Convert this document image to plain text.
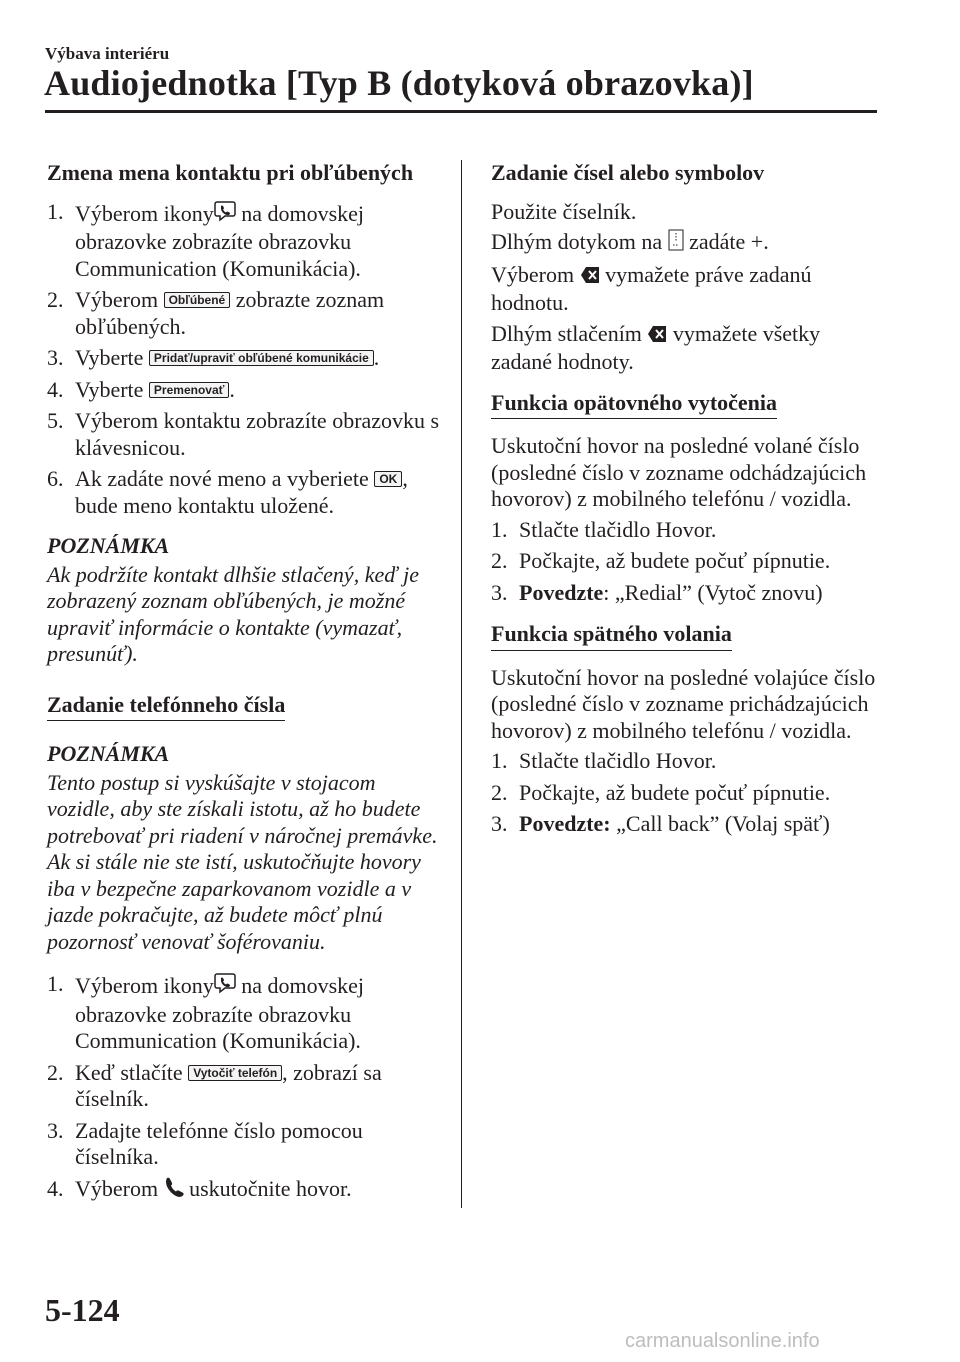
Výbava interiéru
Audiojednotka [Typ B (dotyková obrazovka)]
Zmena mena kontaktu pri obľúbených
1. Výberom ikony na domovskej obrazovke zobrazíte obrazovku Communication (Komunikácia).
2. Výberom Obľúbené zobrazte zoznam obľúbených.
3. Vyberte Pridať/upraviť obľúbené komunikácie .
4. Vyberte Premenovať .
5. Výberom kontaktu zobrazíte obrazovku s klávesnicou.
6. Ak zadáte nové meno a vyberiete OK , bude meno kontaktu uložené.
POZNÁMKA
Ak podržíte kontakt dlhšie stlačený, keď je zobrazený zoznam obľúbených, je možné upraviť informácie o kontakte (vymazať, presunúť).
Zadanie telefónneho čísla
POZNÁMKA
Tento postup si vyskúšajte v stojacom vozidle, aby ste získali istotu, až ho budete potrebovať pri riadení v náročnej premávke. Ak si stále nie ste istí, uskutočňujte hovory iba v bezpečne zaparkovanom vozidle a v jazde pokračujte, až budete môcť plnú pozornosť venovať šoférovaniu.
1. Výberom ikony na domovskej obrazovke zobrazíte obrazovku Communication (Komunikácia).
2. Keď stlačíte Vytočiť telefón , zobrazí sa číselník.
3. Zadajte telefónne číslo pomocou číselníka.
4. Výberom  uskutočnite hovor.
Zadanie čísel alebo symbolov
Použite číselník.
Dlhým dotykom na  zadáte +.
Výberom  vymažete práve zadanú hodnotu.
Dlhým stlačením  vymažete všetky zadané hodnoty.
Funkcia opätovného vytočenia
Uskutoční hovor na posledné volané číslo (posledné číslo v zozname odchádzajúcich hovorov) z mobilného telefónu / vozidla.
1. Stlačte tlačidlo Hovor.
2. Počkajte, až budete počuť pípnutie.
3. Povedzte: „Redial” (Vytoč znovu)
Funkcia spätného volania
Uskutoční hovor na posledné volajúce číslo (posledné číslo v zozname prichádzajúcich hovorov) z mobilného telefónu / vozidla.
1. Stlačte tlačidlo Hovor.
2. Počkajte, až budete počuť pípnutie.
3. Povedzte: „Call back” (Volaj späť)
5-124
carmanualsonline.info
